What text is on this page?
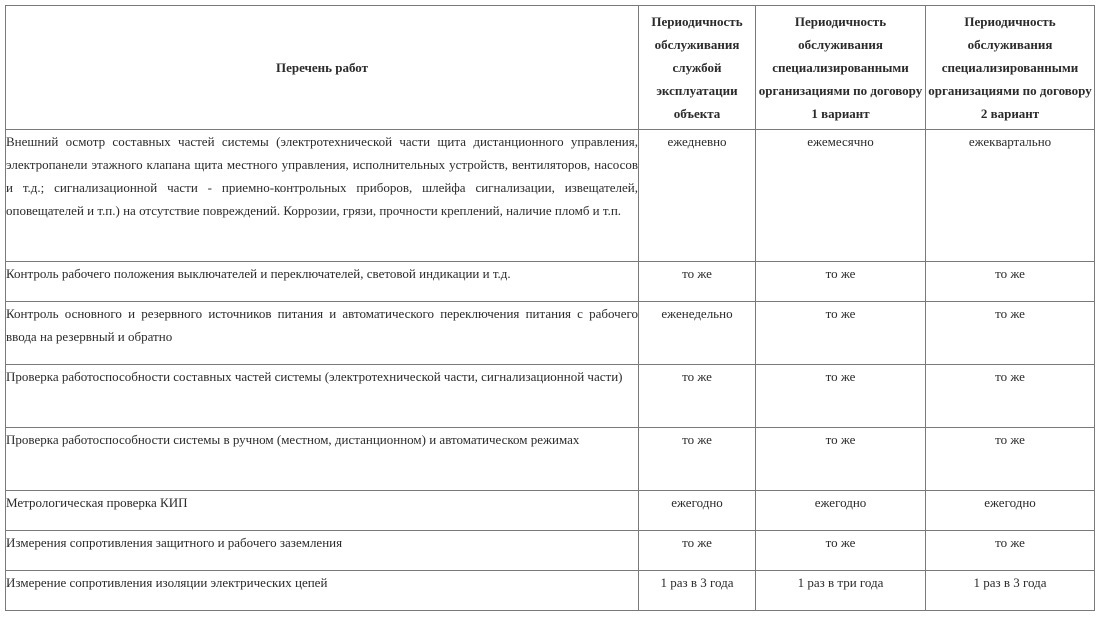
Перечень работ	Периодичность обслуживания службой эксплуатации объекта	Периодичность обслуживания специализированными организациями по договору 1 вариант	Периодичность обслуживания специализированными организациями по договору 2 вариант
Внешний осмотр составных частей системы (электротехнической части щита дистанционного управления, электропанели этажного клапана щита местного управления, исполнительных устройств, вентиляторов, насосов и т.д.; сигнализационной части - приемно-контрольных приборов, шлейфа сигнализации, извещателей, оповещателей и т.п.) на отсутствие повреждений. Коррозии, грязи, прочности креплений, наличие пломб и т.п.	ежедневно	ежемесячно	ежеквартально
Контроль рабочего положения выключателей и переключателей, световой индикации и т.д.	то же	то же	то же
Контроль основного и резервного источников питания и автоматического переключения питания с рабочего ввода на резервный и обратно	еженедельно	то же	то же
Проверка работоспособности составных частей системы (электротехнической части, сигнализационной части)	то же	то же	то же
Проверка работоспособности системы в ручном (местном, дистанционном) и автоматическом режимах	то же	то же	то же
Метрологическая проверка КИП	ежегодно	ежегодно	ежегодно
Измерения сопротивления защитного и рабочего заземления	то же	то же	то же
Измерение сопротивления изоляции электрических цепей	1 раз в 3 года	1 раз в три года	1 раз в 3 года
